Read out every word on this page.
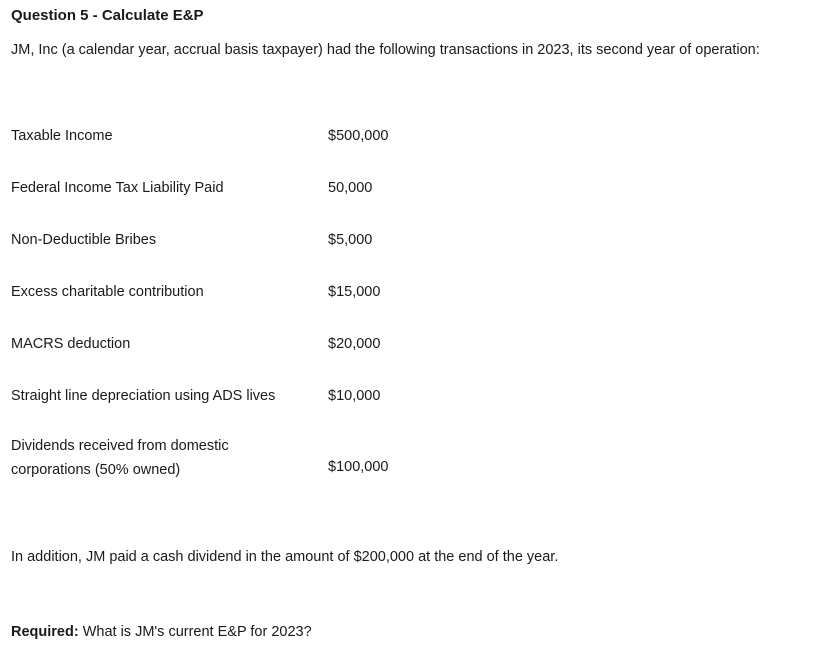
Question 5 - Calculate E&P

JM, Inc (a calendar year, accrual basis taxpayer) had the following transactions in 2023, its second year of operation:

Taxable Income	$500,000
Federal Income Tax Liability Paid	50,000
Non-Deductible Bribes	$5,000
Excess charitable contribution	$15,000
MACRS deduction	$20,000
Straight line depreciation using ADS lives	$10,000
Dividends received from domestic corporations (50% owned)	$100,000

In addition, JM paid a cash dividend in the amount of $200,000 at the end of the year.

Required: What is JM's current E&P for 2023?
